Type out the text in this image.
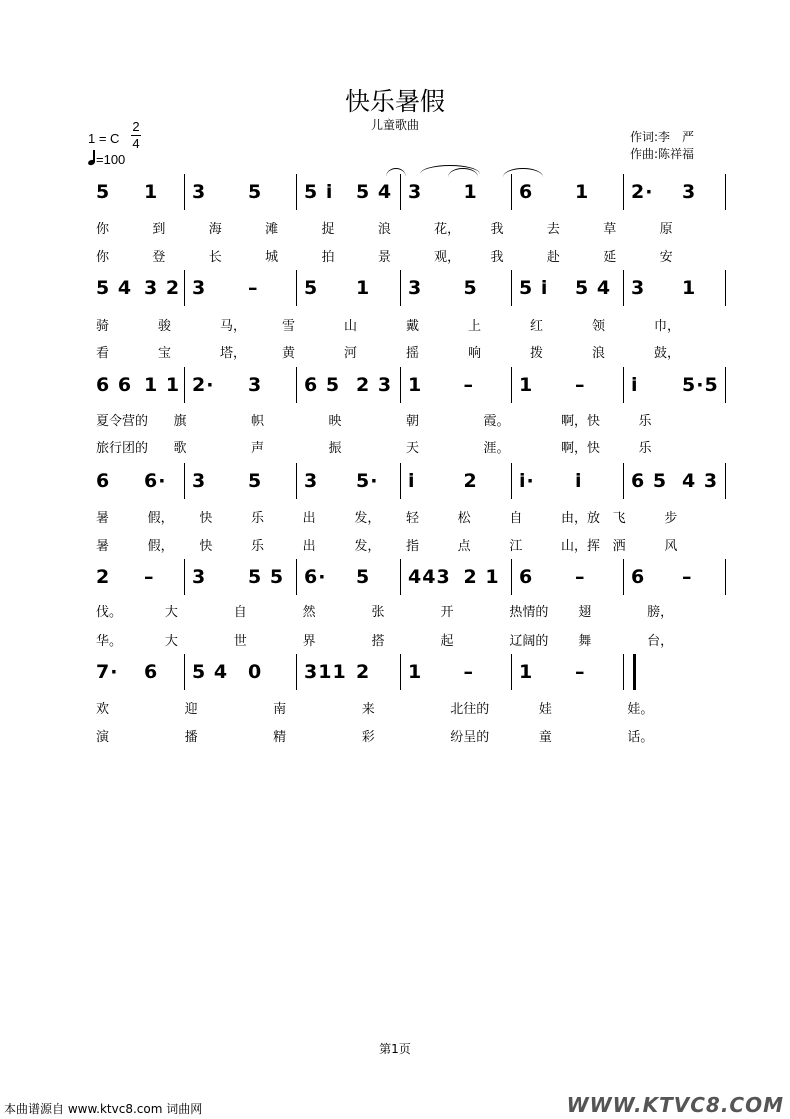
快乐暑假
儿童歌曲
1 = C
2
4
=100
作词:李　严
作曲:陈祥福
5 1 3 5 5 i 5 4 3 1 6 1 2· 3
你	到	海	滩	捉	浪	花， 我	去	草	原
你	登	长	城	拍	景	观， 我	赴	延	安
5 4 3 2 3 – 5 1 3 5 5 i 5 4 3 1
骑	骏	马，	雪	山	戴	上	红	领	巾，
看	宝	塔，	黄	河	摇	响	拨	浪	鼓，
6 6 1 1 2· 3 6 5 2 3 1 – 1 – i 5·5
夏令营的 旗	帜	映	朝	霞。	啊，快	乐
旅行团的 歌	声	振	天	涯。	啊，快	乐
6 6· 3 5 3 5· i	2 i· i	6 5 4 3
暑	假， 快	乐	出	发， 轻	松	自	由，放 飞	步
暑	假， 快	乐	出	发， 指	点	江	山，挥 洒	风
2 – 3 5 5 6· 5 443 2 1 6 – 6 –
伐。	大	自	然	张	开	热情的 翅	膀，
华。	大	世	界	搭	起	辽阔的 舞	台，
7· 6 5 4 0 311 2 1 – 1 –
欢	迎	南	来	北往的	娃	娃。
演	播	精	彩	纷呈的	童	话。
第1页
本曲谱源自 www.ktvc8.com 词曲网	WWW.KTVC8.COM
